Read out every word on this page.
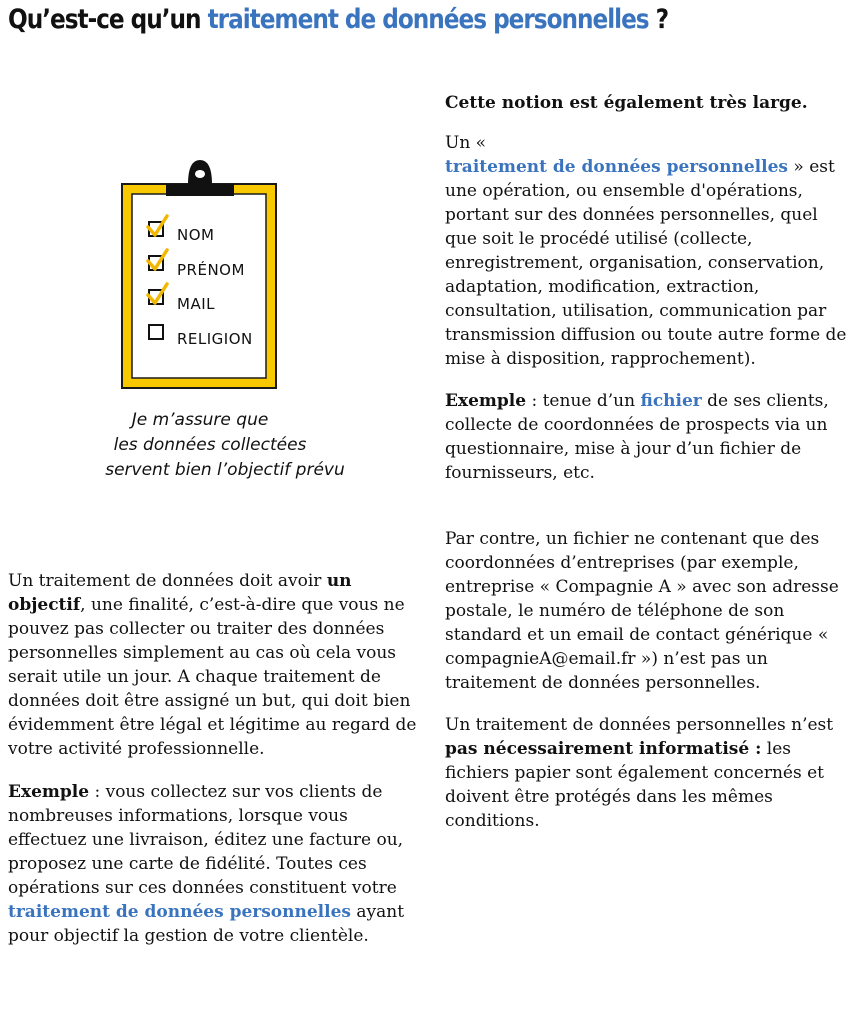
Qu’est-ce qu’un traitement de données personnelles ?
NOM
PRÉNOM
MAIL
RELIGION
Je m’assure que
les données collectées
servent bien l’objectif prévu

Un traitement de données doit avoir un objectif, une finalité, c’est-à-dire que vous ne pouvez pas collecter ou traiter des données personnelles simplement au cas où cela vous serait utile un jour. A chaque traitement de données doit être assigné un but, qui doit bien évidemment être légal et légitime au regard de votre activité professionnelle.

Exemple : vous collectez sur vos clients de nombreuses informations, lorsque vous effectuez une livraison, éditez une facture ou, proposez une carte de fidélité. Toutes ces opérations sur ces données constituent votre traitement de données personnelles ayant pour objectif la gestion de votre clientèle.

Cette notion est également très large.

Un «
traitement de données personnelles » est une opération, ou ensemble d'opérations, portant sur des données personnelles, quel que soit le procédé utilisé (collecte, enregistrement, organisation, conservation, adaptation, modification, extraction, consultation, utilisation, communication par transmission diffusion ou toute autre forme de mise à disposition, rapprochement).

Exemple : tenue d’un fichier de ses clients, collecte de coordonnées de prospects via un questionnaire, mise à jour d’un fichier de fournisseurs, etc.

Par contre, un fichier ne contenant que des coordonnées d’entreprises (par exemple, entreprise « Compagnie A » avec son adresse postale, le numéro de téléphone de son standard et un email de contact générique « compagnieA@email.fr ») n’est pas un traitement de données personnelles.

Un traitement de données personnelles n’est pas nécessairement informatisé : les fichiers papier sont également concernés et doivent être protégés dans les mêmes conditions.
